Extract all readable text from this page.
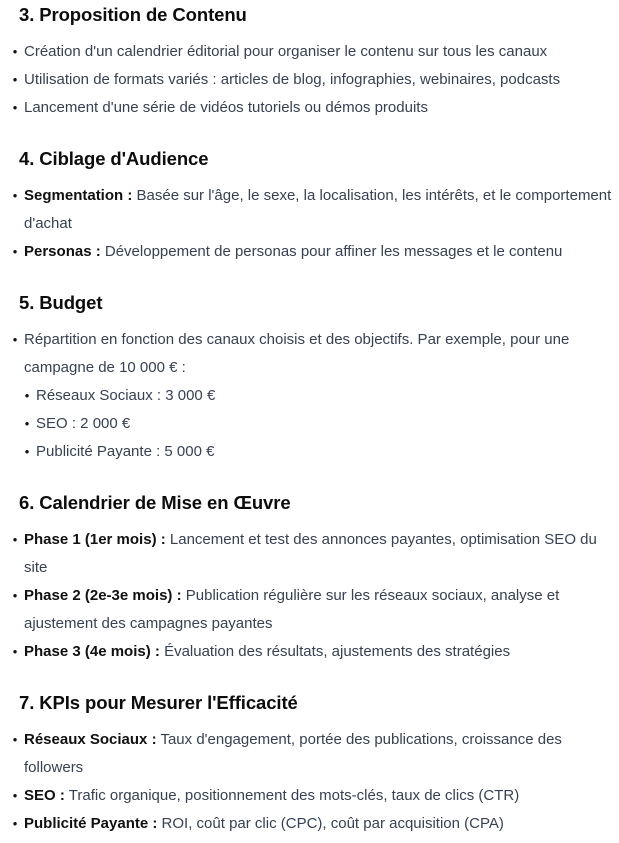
3. Proposition de Contenu
• Création d'un calendrier éditorial pour organiser le contenu sur tous les canaux
• Utilisation de formats variés : articles de blog, infographies, webinaires, podcasts
• Lancement d'une série de vidéos tutoriels ou démos produits
4. Ciblage d'Audience
• Segmentation : Basée sur l'âge, le sexe, la localisation, les intérêts, et le comportement d'achat
• Personas : Développement de personas pour affiner les messages et le contenu
5. Budget
• Répartition en fonction des canaux choisis et des objectifs. Par exemple, pour une campagne de 10 000 € :
• Réseaux Sociaux : 3 000 €
• SEO : 2 000 €
• Publicité Payante : 5 000 €
6. Calendrier de Mise en Œuvre
• Phase 1 (1er mois) : Lancement et test des annonces payantes, optimisation SEO du site
• Phase 2 (2e-3e mois) : Publication régulière sur les réseaux sociaux, analyse et ajustement des campagnes payantes
• Phase 3 (4e mois) : Évaluation des résultats, ajustements des stratégies
7. KPIs pour Mesurer l'Efficacité
• Réseaux Sociaux : Taux d'engagement, portée des publications, croissance des followers
• SEO : Trafic organique, positionnement des mots-clés, taux de clics (CTR)
• Publicité Payante : ROI, coût par clic (CPC), coût par acquisition (CPA)
